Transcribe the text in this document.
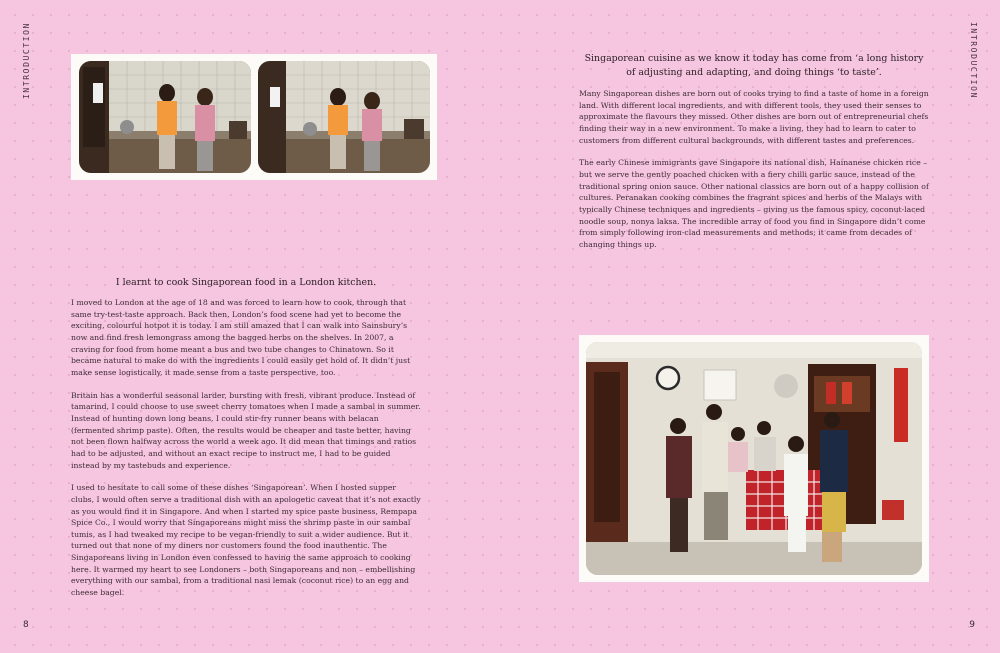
INTRODUCTION	INTRODUCTION
I learnt to cook Singaporean food in a London kitchen.

I moved to London at the age of 18 and was forced to learn how to cook, through that same try-test-taste approach. Back then, London’s food scene had yet to become the exciting, colourful hotpot it is today. I am still amazed that I can walk into Sainsbury’s now and find fresh lemongrass among the bagged herbs on the shelves. In 2007, a craving for food from home meant a bus and two tube changes to Chinatown. So it became natural to make do with the ingredients I could easily get hold of. It didn’t just make sense logistically, it made sense from a taste perspective, too.

Britain has a wonderful seasonal larder, bursting with fresh, vibrant produce. Instead of tamarind, I could choose to use sweet cherry tomatoes when I made a sambal in summer. Instead of hunting down long beans, I could stir-fry runner beans with belacan (fermented shrimp paste). Often, the results would be cheaper and taste better, having not been flown halfway across the world a week ago. It did mean that timings and ratios had to be adjusted, and without an exact recipe to instruct me, I had to be guided instead by my tastebuds and experience.

I used to hesitate to call some of these dishes ‘Singaporean’. When I hosted supper clubs, I would often serve a traditional dish with an apologetic caveat that it’s not exactly as you would find it in Singapore. And when I started my spice paste business, Rempapa Spice Co., I would worry that Singaporeans might miss the shrimp paste in our sambal tumis, as I had tweaked my recipe to be vegan-friendly to suit a wider audience. But it turned out that none of my diners nor customers found the food inauthentic. The Singaporeans living in London even confessed to having the same approach to cooking here. It warmed my heart to see Londoners – both Singaporeans and non – embellishing everything with our sambal, from a traditional nasi lemak (coconut rice) to an egg and cheese bagel.

Singaporean cuisine as we know it today has come from ‘a long history of adjusting and adapting, and doing things ‘to taste’.

Many Singaporean dishes are born out of cooks trying to find a taste of home in a foreign land. With different local ingredients, and with different tools, they used their senses to approximate the flavours they missed. Other dishes are born out of entrepreneurial chefs finding their way in a new environment. To make a living, they had to learn to cater to customers from different cultural backgrounds, with different tastes and preferences.

The early Chinese immigrants gave Singapore its national dish, Hainanese chicken rice – but we serve the gently poached chicken with a fiery chilli garlic sauce, instead of the traditional spring onion sauce. Other national classics are born out of a happy collision of cultures. Peranakan cooking combines the fragrant spices and herbs of the Malays with typically Chinese techniques and ingredients – giving us the famous spicy, coconut-laced noodle soup, nonya laksa. The incredible array of food you find in Singapore didn’t come from simply following iron-clad measurements and methods; it came from decades of changing things up.

8	9
